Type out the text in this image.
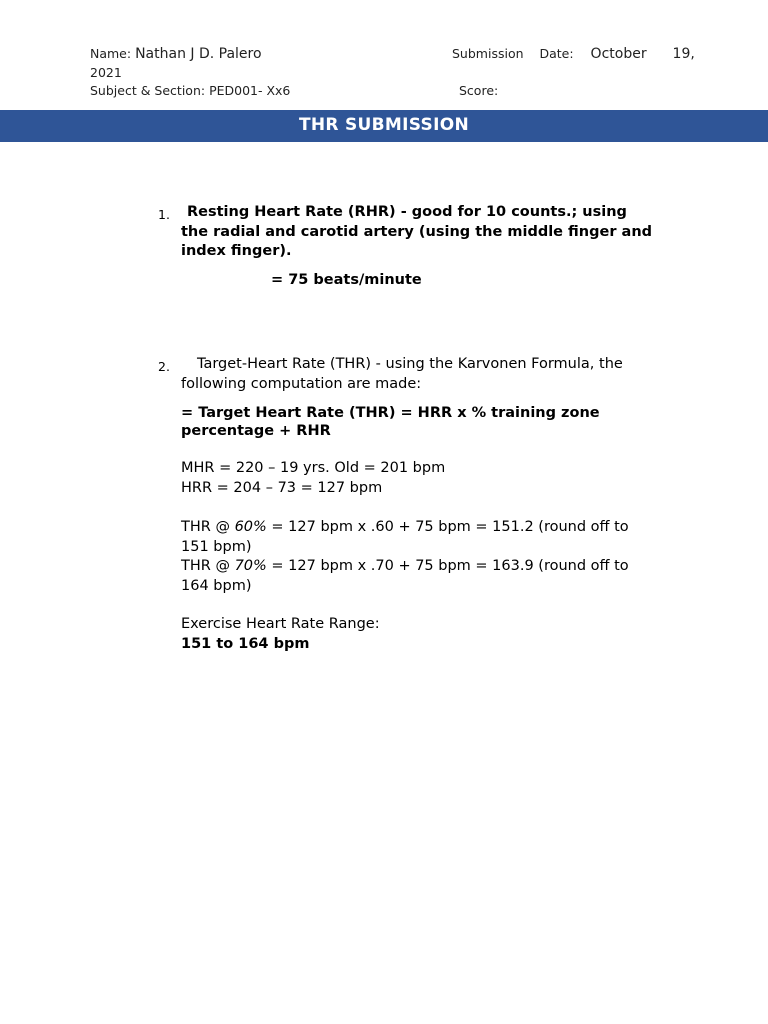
Name: Nathan J D. Palero	Submission Date: October 19,
2021
Subject & Section: PED001- Xx6	Score:
THR SUBMISSION
1.	Resting Heart Rate (RHR) - good for 10 counts.; using
the radial and carotid artery (using the middle finger and
index finger).
= 75 beats/minute
2.	Target-Heart Rate (THR) - using the Karvonen Formula, the
following computation are made:
= Target Heart Rate (THR) = HRR x % training zone
percentage + RHR
MHR = 220 – 19 yrs. Old = 201 bpm
HRR = 204 – 73 = 127 bpm
THR @ 60% = 127 bpm x .60 + 75 bpm = 151.2 (round off to
151 bpm)
THR @ 70% = 127 bpm x .70 + 75 bpm = 163.9 (round off to
164 bpm)
Exercise Heart Rate Range:
151 to 164 bpm
